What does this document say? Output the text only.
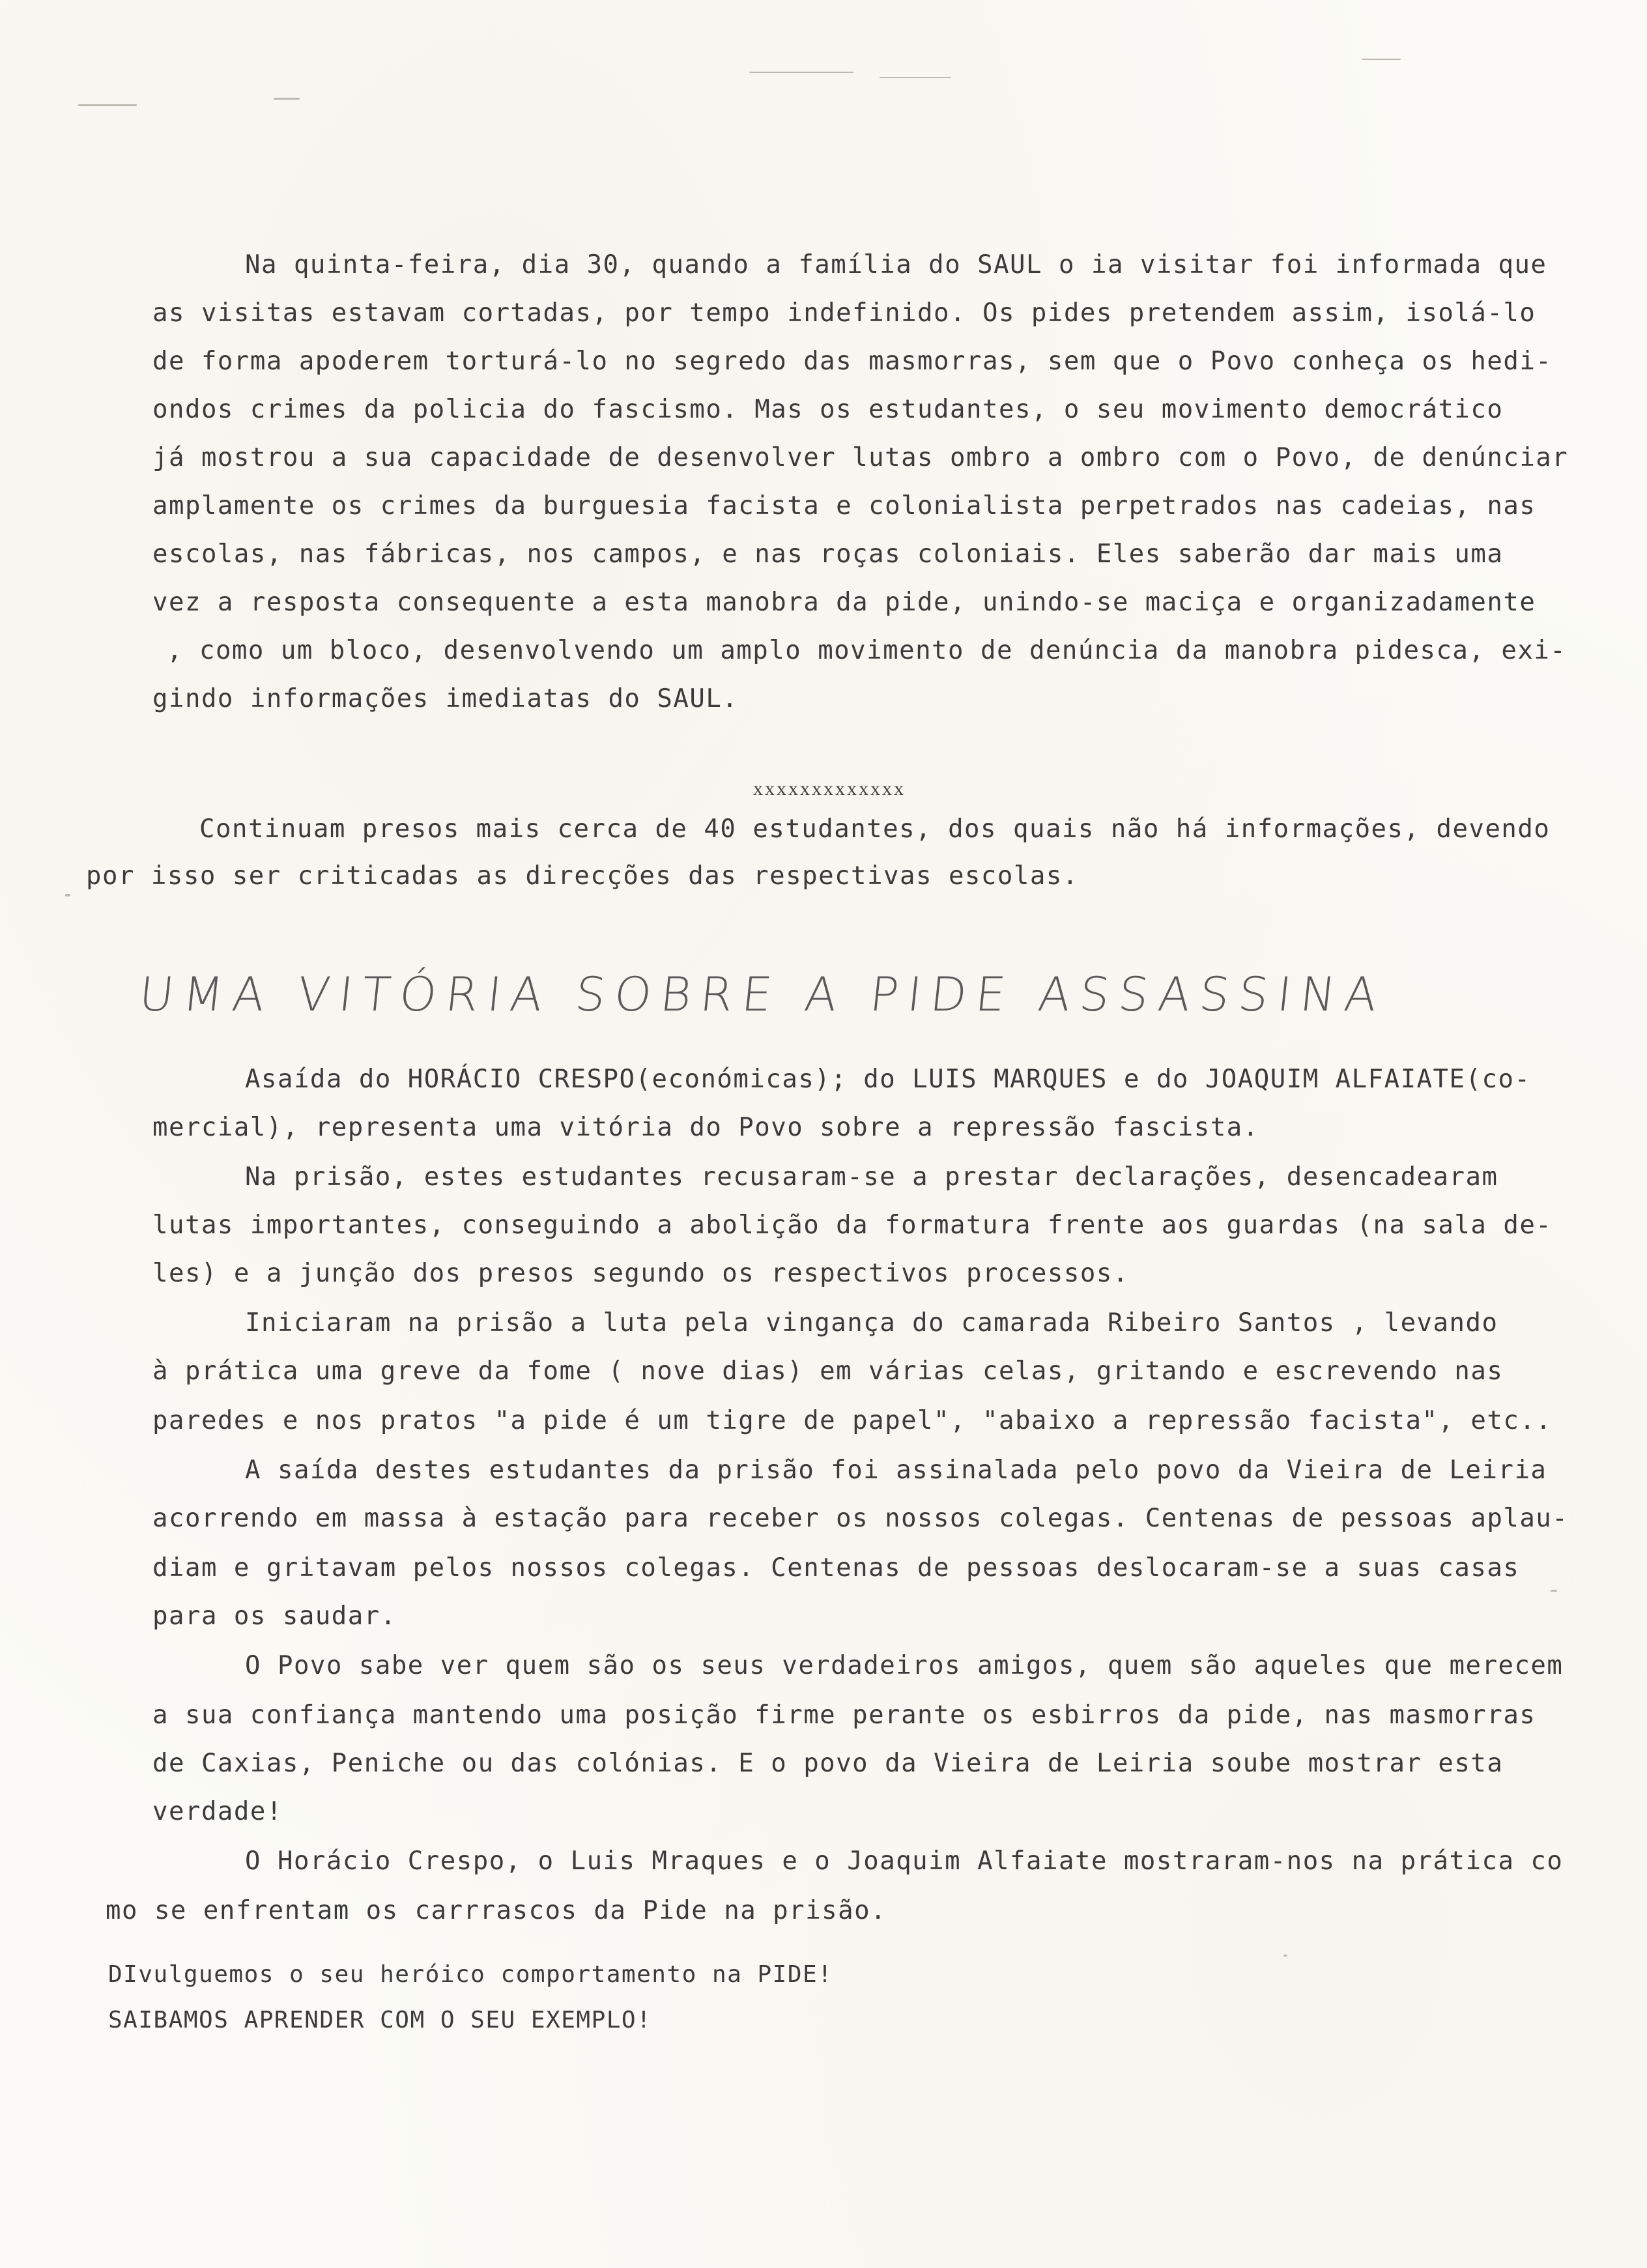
Na quinta-feira, dia 30, quando a família do SAUL o ia visitar foi informada que
as visitas estavam cortadas, por tempo indefinido. Os pides pretendem assim, isolá-lo
de forma apoderem torturá-lo no segredo das masmorras, sem que o Povo conheça os hedi-
ondos crimes da policia do fascismo. Mas os estudantes, o seu movimento democrático
já mostrou a sua capacidade de desenvolver lutas ombro a ombro com o Povo, de denúnciar
amplamente os crimes da burguesia facista e colonialista perpetrados nas cadeias, nas
escolas, nas fábricas, nos campos, e nas roças coloniais. Eles saberão dar mais uma
vez a resposta consequente a esta manobra da pide, unindo-se maciça e organizadamente
, como um bloco, desenvolvendo um amplo movimento de denúncia da manobra pidesca, exi-
gindo informações imediatas do SAUL.
xxxxxxxxxxxxx
Continuam presos mais cerca de 40 estudantes, dos quais não há informações, devendo
por isso ser criticadas as direcções das respectivas escolas.
UMA VITÓRIA SOBRE A PIDE ASSASSINA
Asaída do HORÁCIO CRESPO(económicas); do LUIS MARQUES e do JOAQUIM ALFAIATE(co-
mercial), representa uma vitória do Povo sobre a repressão fascista.
Na prisão, estes estudantes recusaram-se a prestar declarações, desencadearam
lutas importantes, conseguindo a abolição da formatura frente aos guardas (na sala de-
les) e a junção dos presos segundo os respectivos processos.
Iniciaram na prisão a luta pela vingança do camarada Ribeiro Santos , levando
à prática uma greve da fome ( nove dias) em várias celas, gritando e escrevendo nas
paredes e nos pratos "a pide é um tigre de papel", "abaixo a repressão facista", etc..
A saída destes estudantes da prisão foi assinalada pelo povo da Vieira de Leiria
acorrendo em massa à estação para receber os nossos colegas. Centenas de pessoas aplau-
diam e gritavam pelos nossos colegas. Centenas de pessoas deslocaram-se a suas casas
para os saudar.
O Povo sabe ver quem são os seus verdadeiros amigos, quem são aqueles que merecem
a sua confiança mantendo uma posição firme perante os esbirros da pide, nas masmorras
de Caxias, Peniche ou das colónias. E o povo da Vieira de Leiria soube mostrar esta
verdade!
O Horácio Crespo, o Luis Mraques e o Joaquim Alfaiate mostraram-nos na prática co
mo se enfrentam os carrrascos da Pide na prisão.
DIvulguemos o seu heróico comportamento na PIDE!
SAIBAMOS APRENDER COM O SEU EXEMPLO!
